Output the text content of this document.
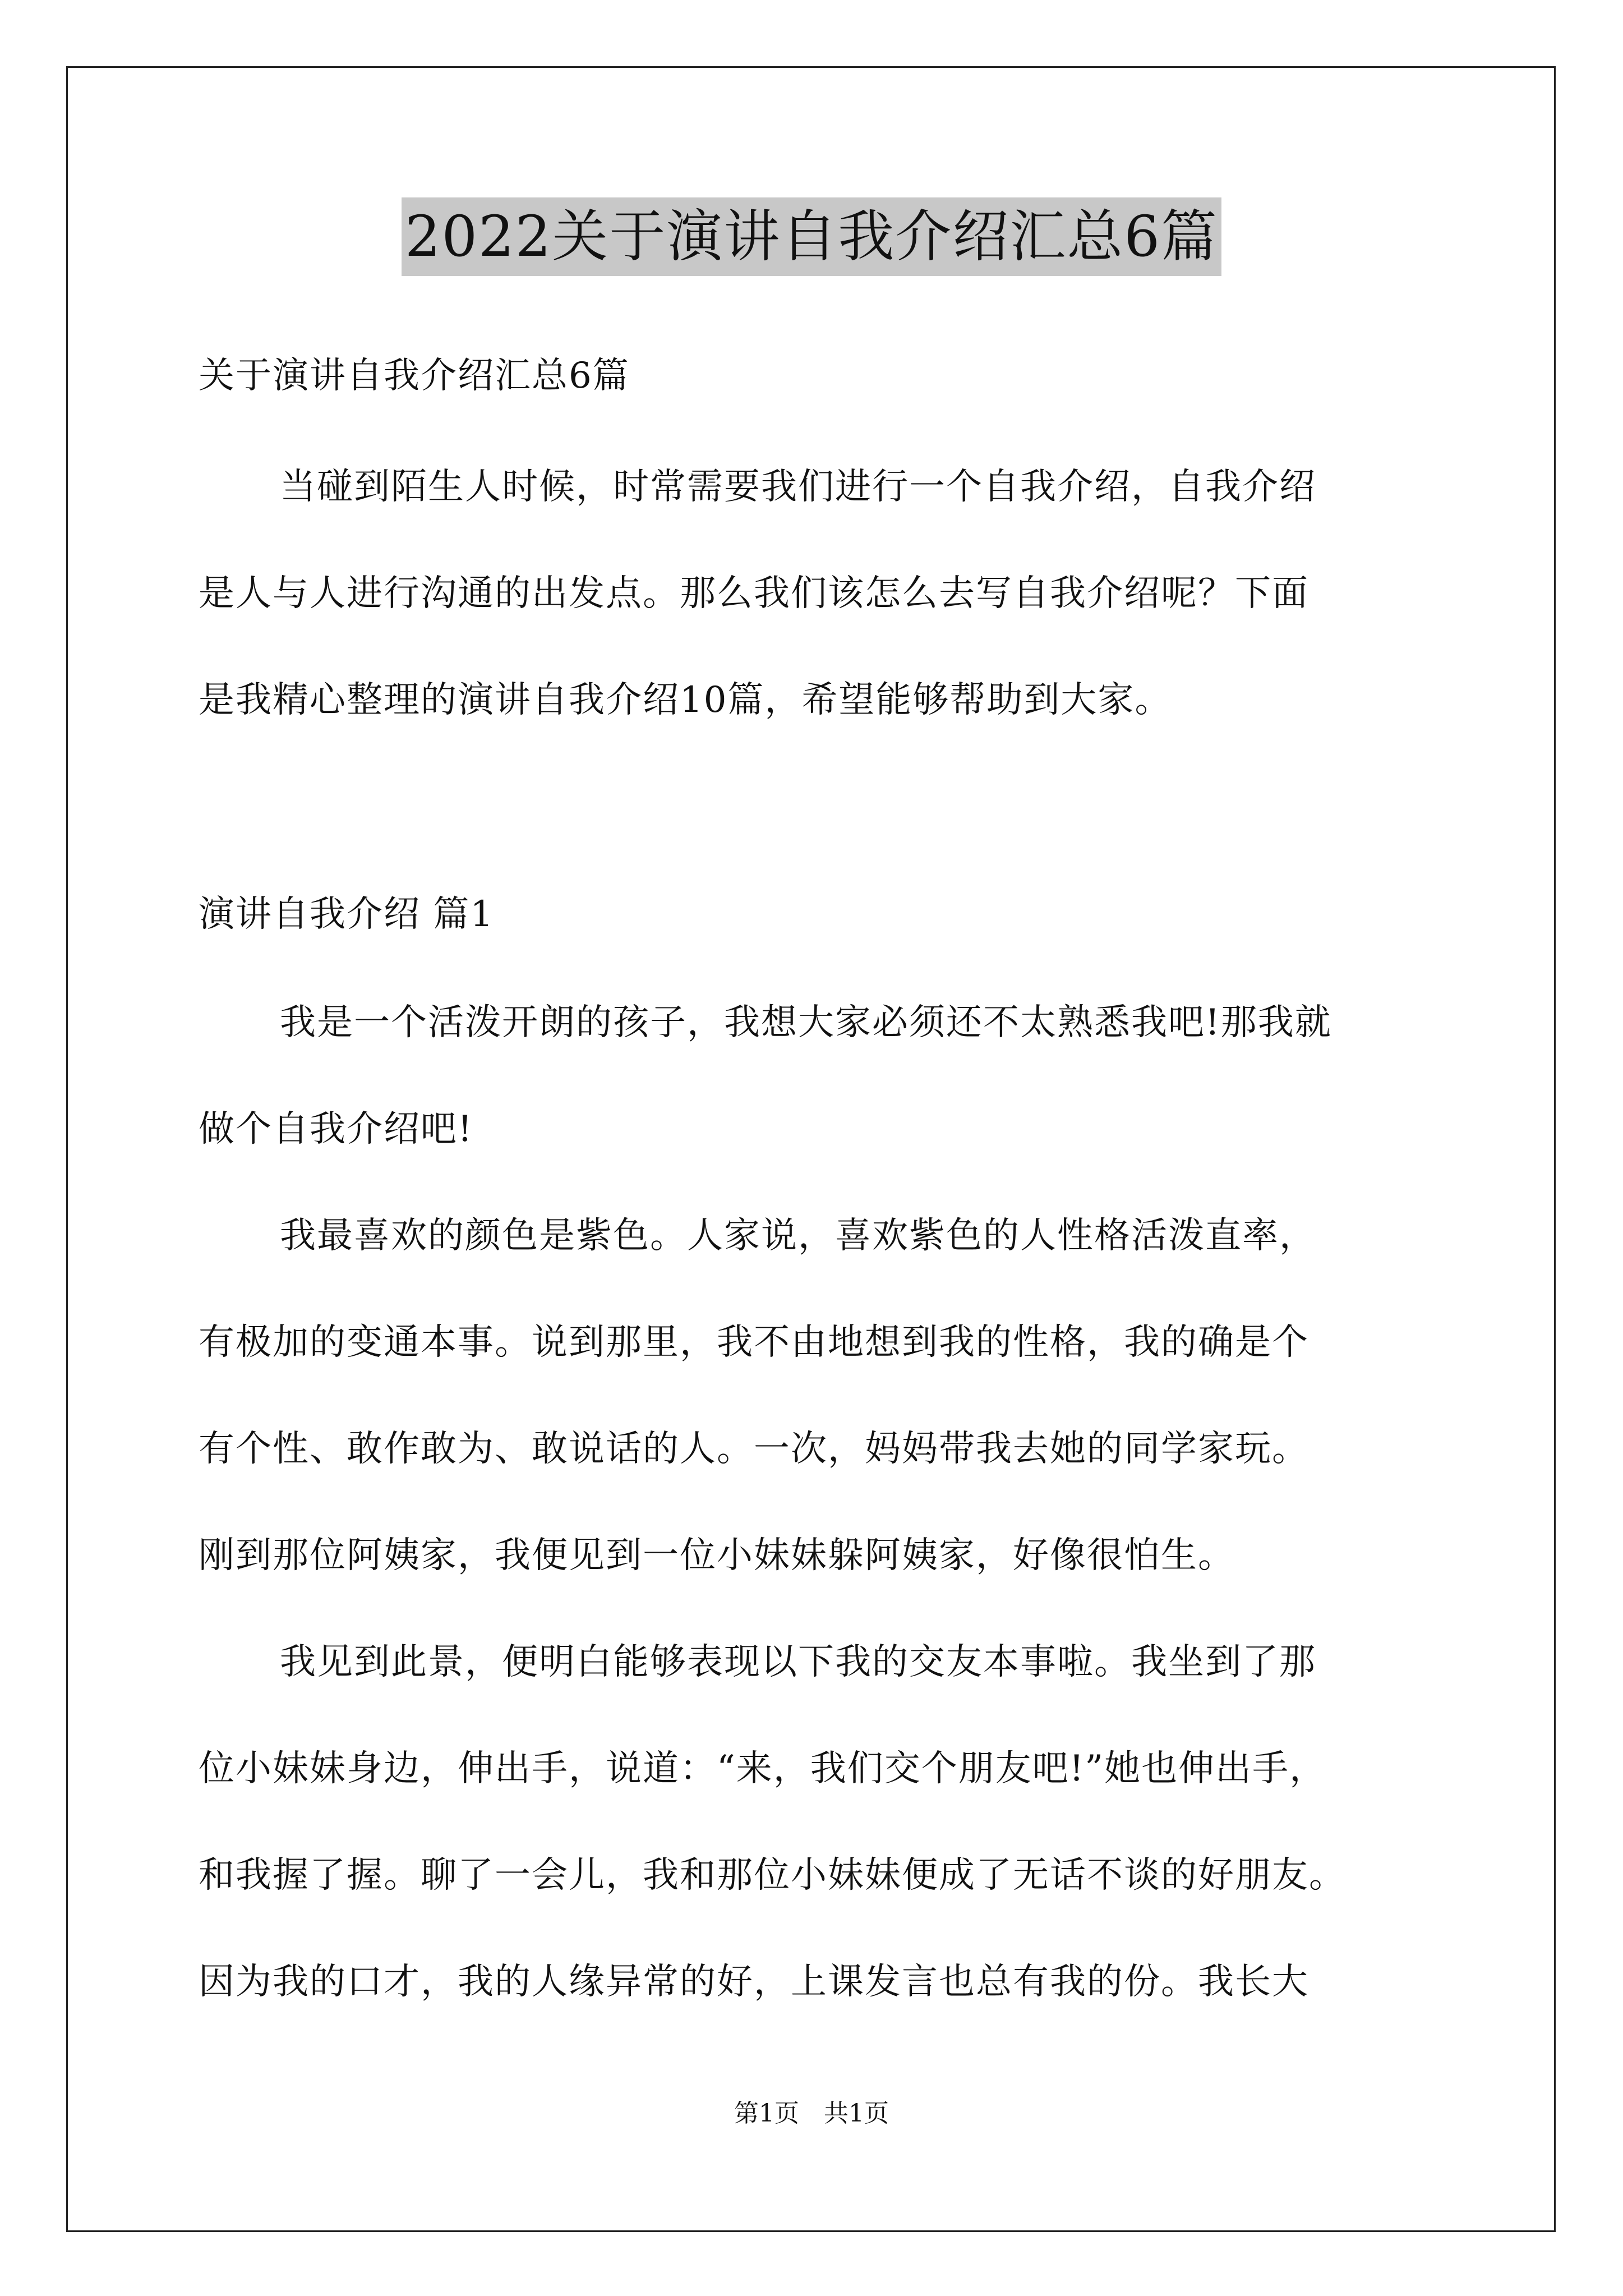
2022关于演讲自我介绍汇总6篇
关于演讲自我介绍汇总6篇
当碰到陌生人时候，时常需要我们进行一个自我介绍，自我介绍
是人与人进行沟通的出发点。那么我们该怎么去写自我介绍呢？下面
是我精心整理的演讲自我介绍10篇，希望能够帮助到大家。
演讲自我介绍 篇1
我是一个活泼开朗的孩子，我想大家必须还不太熟悉我吧!那我就
做个自我介绍吧!
我最喜欢的颜色是紫色。人家说，喜欢紫色的人性格活泼直率，
有极加的变通本事。说到那里，我不由地想到我的性格，我的确是个
有个性、敢作敢为、敢说话的人。一次，妈妈带我去她的同学家玩。
刚到那位阿姨家，我便见到一位小妹妹躲阿姨家，好像很怕生。
我见到此景，便明白能够表现以下我的交友本事啦。我坐到了那
位小妹妹身边，伸出手，说道：“来，我们交个朋友吧!”她也伸出手，
和我握了握。聊了一会儿，我和那位小妹妹便成了无话不谈的好朋友。
因为我的口才，我的人缘异常的好，上课发言也总有我的份。我长大
第1页　共1页
